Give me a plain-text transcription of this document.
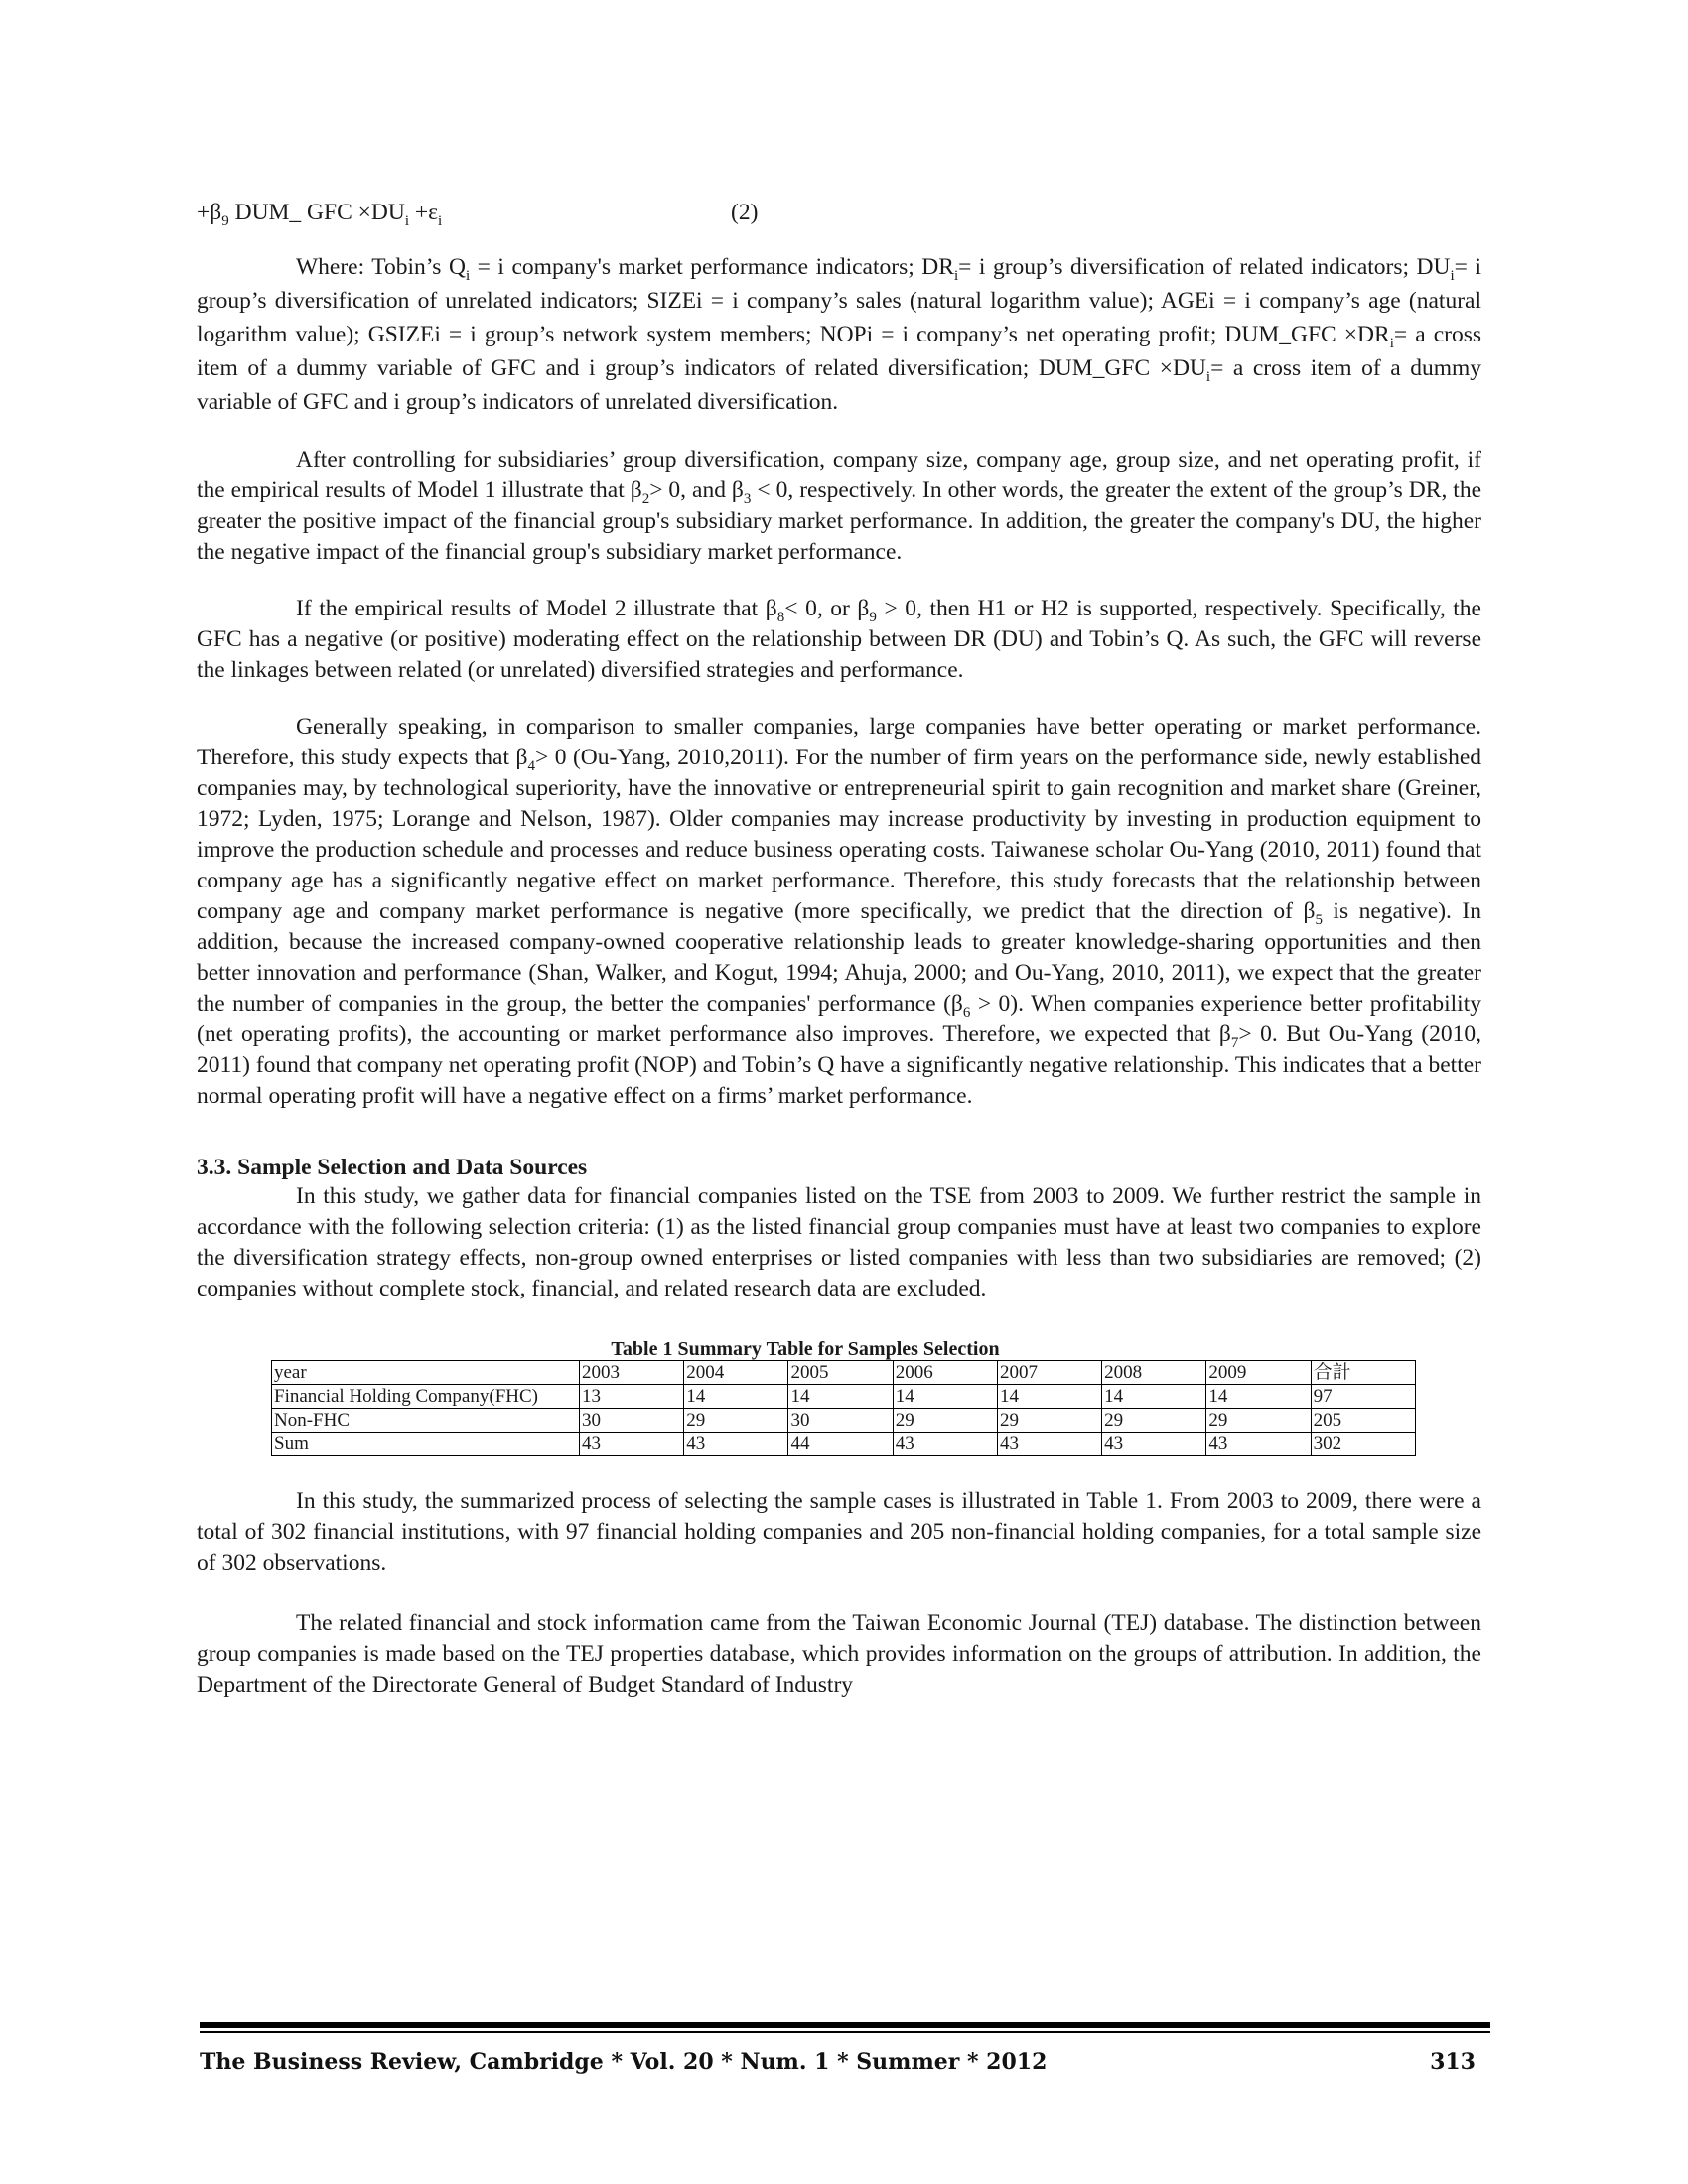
$+\beta_9$ DUM_ GFC $\times DU_i +\varepsilon_i$	(2)

Where: Tobin’s $Q_i = i$ company's market performance indicators; $DR_i= i$ group’s diversification of related indicators; $DU_i= i$ group’s diversification of unrelated indicators; SIZEi = i company’s sales (natural logarithm value); AGEi = i company’s age (natural logarithm value); GSIZEi = i group’s network system members; NOPi = i company’s net operating profit; DUM_GFC $\times DR_i= a$ cross item of a dummy variable of GFC and i group’s indicators of related diversification; DUM_GFC $\times DU_i= a$ cross item of a dummy variable of GFC and i group’s indicators of unrelated diversification.

After controlling for subsidiaries’ group diversification, company size, company age, group size, and net operating profit, if the empirical results of Model 1 illustrate that $\beta_2> 0$, and $\beta_3 < 0$, respectively. In other words, the greater the extent of the group’s DR, the greater the positive impact of the financial group's subsidiary market performance. In addition, the greater the company's DU, the higher the negative impact of the financial group's subsidiary market performance.

If the empirical results of Model 2 illustrate that $\beta_8< 0$, or $\beta_9 > 0$, then H1 or H2 is supported, respectively. Specifically, the GFC has a negative (or positive) moderating effect on the relationship between DR (DU) and Tobin’s Q. As such, the GFC will reverse the linkages between related (or unrelated) diversified strategies and performance.

Generally speaking, in comparison to smaller companies, large companies have better operating or market performance. Therefore, this study expects that $\beta_4> 0$ (Ou-Yang, 2010,2011). For the number of firm years on the performance side, newly established companies may, by technological superiority, have the innovative or entrepreneurial spirit to gain recognition and market share (Greiner, 1972; Lyden, 1975; Lorange and Nelson, 1987). Older companies may increase productivity by investing in production equipment to improve the production schedule and processes and reduce business operating costs. Taiwanese scholar Ou-Yang (2010, 2011) found that company age has a significantly negative effect on market performance. Therefore, this study forecasts that the relationship between company age and company market performance is negative (more specifically, we predict that the direction of $\beta_5$ is negative). In addition, because the increased company-owned cooperative relationship leads to greater knowledge-sharing opportunities and then better innovation and performance (Shan, Walker, and Kogut, 1994; Ahuja, 2000; and Ou-Yang, 2010, 2011), we expect that the greater the number of companies in the group, the better the companies' performance $(\beta_6 > 0)$. When companies experience better profitability (net operating profits), the accounting or market performance also improves. Therefore, we expected that $\beta_7> 0$. But Ou-Yang (2010, 2011) found that company net operating profit (NOP) and Tobin’s Q have a significantly negative relationship. This indicates that a better normal operating profit will have a negative effect on a firms’ market performance.

3.3. Sample Selection and Data Sources

In this study, we gather data for financial companies listed on the TSE from 2003 to 2009. We further restrict the sample in accordance with the following selection criteria: (1) as the listed financial group companies must have at least two companies to explore the diversification strategy effects, non-group owned enterprises or listed companies with less than two subsidiaries are removed; (2) companies without complete stock, financial, and related research data are excluded.

Table 1 Summary Table for Samples Selection
year	2003	2004	2005	2006	2007	2008	2009	合計
Financial Holding Company(FHC)	13	14	14	14	14	14	14	97
Non-FHC	30	29	30	29	29	29	29	205
Sum	43	43	44	43	43	43	43	302

In this study, the summarized process of selecting the sample cases is illustrated in Table 1. From 2003 to 2009, there were a total of 302 financial institutions, with 97 financial holding companies and 205 non-financial holding companies, for a total sample size of 302 observations.

The related financial and stock information came from the Taiwan Economic Journal (TEJ) database. The distinction between group companies is made based on the TEJ properties database, which provides information on the groups of attribution. In addition, the Department of the Directorate General of Budget Standard of Industry

The Business Review, Cambridge * Vol. 20 * Num. 1 * Summer * 2012	313
